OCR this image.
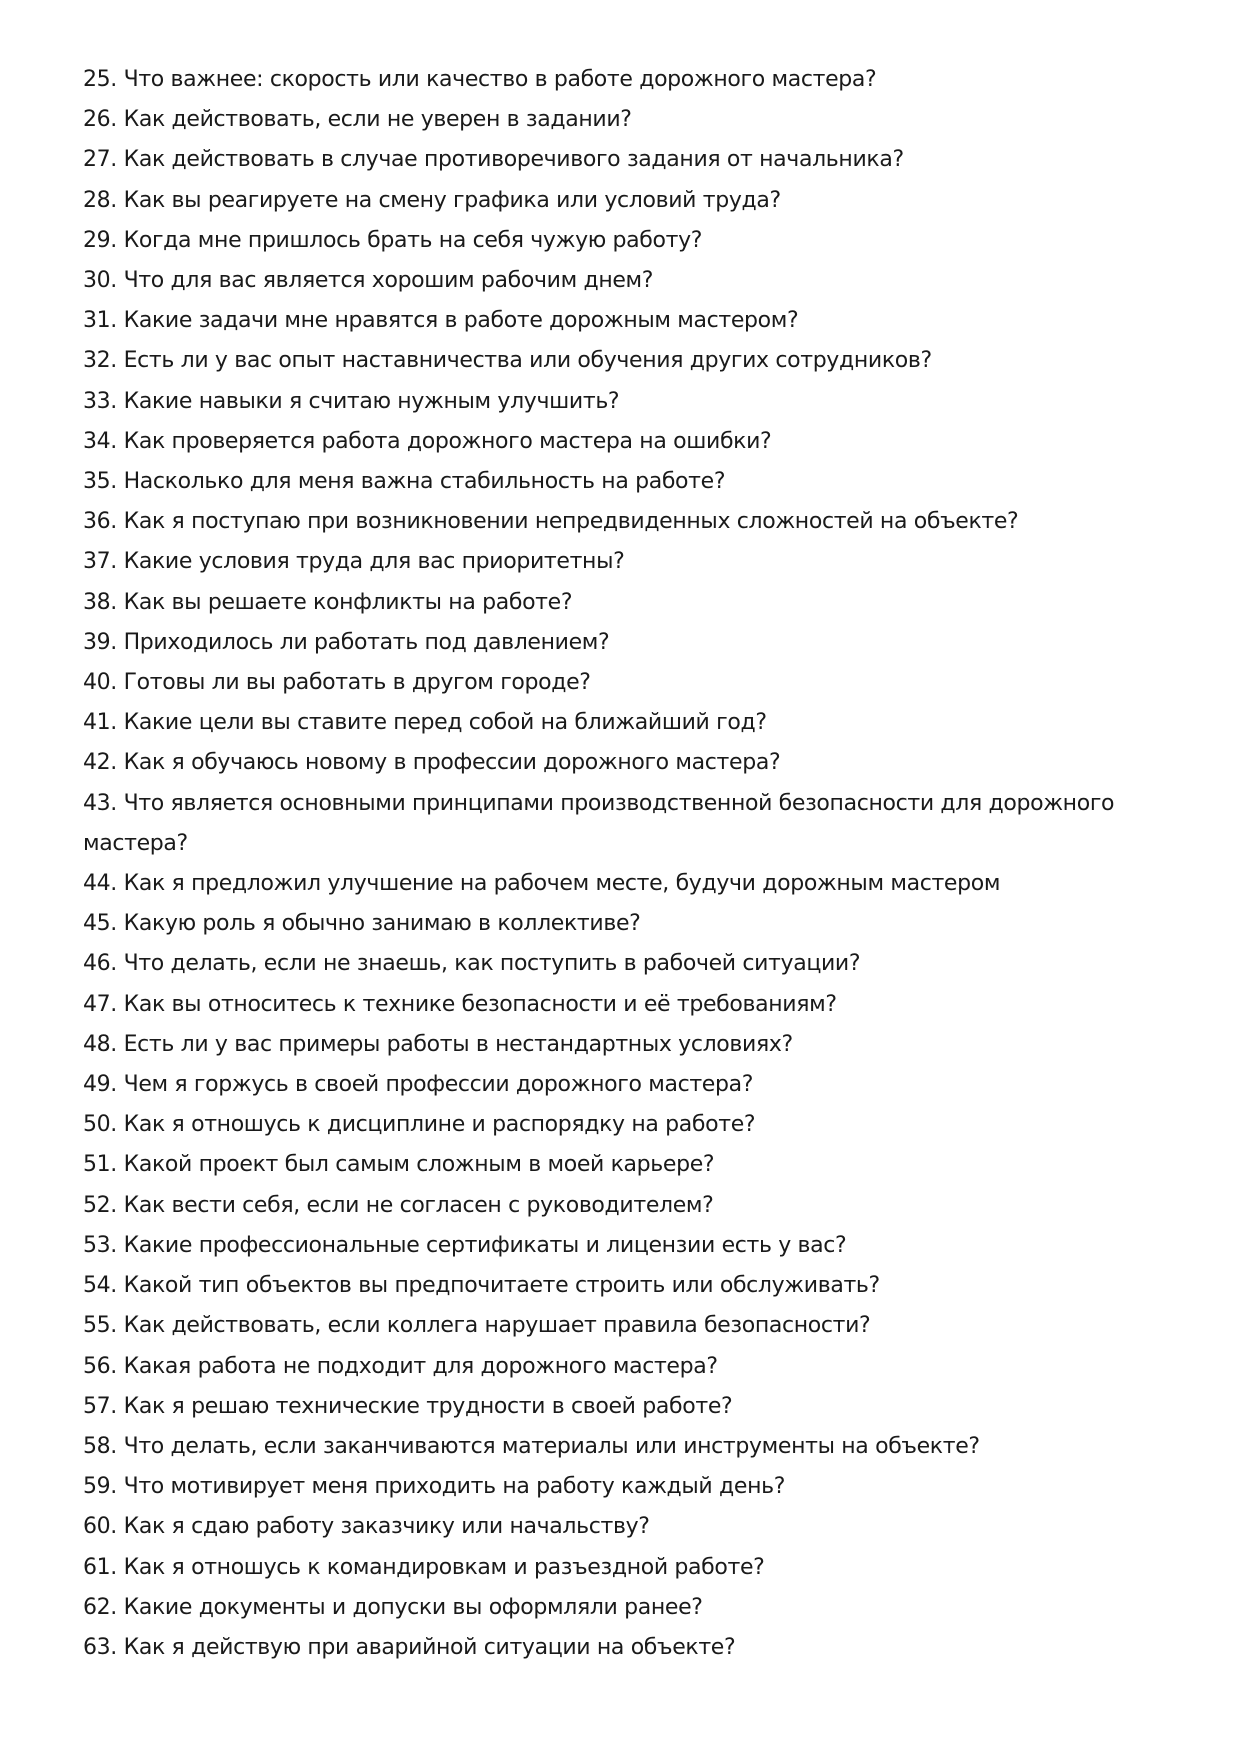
25. Что важнее: скорость или качество в работе дорожного мастера?
26. Как действовать, если не уверен в задании?
27. Как действовать в случае противоречивого задания от начальника?
28. Как вы реагируете на смену графика или условий труда?
29. Когда мне пришлось брать на себя чужую работу?
30. Что для вас является хорошим рабочим днем?
31. Какие задачи мне нравятся в работе дорожным мастером?
32. Есть ли у вас опыт наставничества или обучения других сотрудников?
33. Какие навыки я считаю нужным улучшить?
34. Как проверяется работа дорожного мастера на ошибки?
35. Насколько для меня важна стабильность на работе?
36. Как я поступаю при возникновении непредвиденных сложностей на объекте?
37. Какие условия труда для вас приоритетны?
38. Как вы решаете конфликты на работе?
39. Приходилось ли работать под давлением?
40. Готовы ли вы работать в другом городе?
41. Какие цели вы ставите перед собой на ближайший год?
42. Как я обучаюсь новому в профессии дорожного мастера?
43. Что является основными принципами производственной безопасности для дорожного мастера?
44. Как я предложил улучшение на рабочем месте, будучи дорожным мастером
45. Какую роль я обычно занимаю в коллективе?
46. Что делать, если не знаешь, как поступить в рабочей ситуации?
47. Как вы относитесь к технике безопасности и её требованиям?
48. Есть ли у вас примеры работы в нестандартных условиях?
49. Чем я горжусь в своей профессии дорожного мастера?
50. Как я отношусь к дисциплине и распорядку на работе?
51. Какой проект был самым сложным в моей карьере?
52. Как вести себя, если не согласен с руководителем?
53. Какие профессиональные сертификаты и лицензии есть у вас?
54. Какой тип объектов вы предпочитаете строить или обслуживать?
55. Как действовать, если коллега нарушает правила безопасности?
56. Какая работа не подходит для дорожного мастера?
57. Как я решаю технические трудности в своей работе?
58. Что делать, если заканчиваются материалы или инструменты на объекте?
59. Что мотивирует меня приходить на работу каждый день?
60. Как я сдаю работу заказчику или начальству?
61. Как я отношусь к командировкам и разъездной работе?
62. Какие документы и допуски вы оформляли ранее?
63. Как я действую при аварийной ситуации на объекте?
